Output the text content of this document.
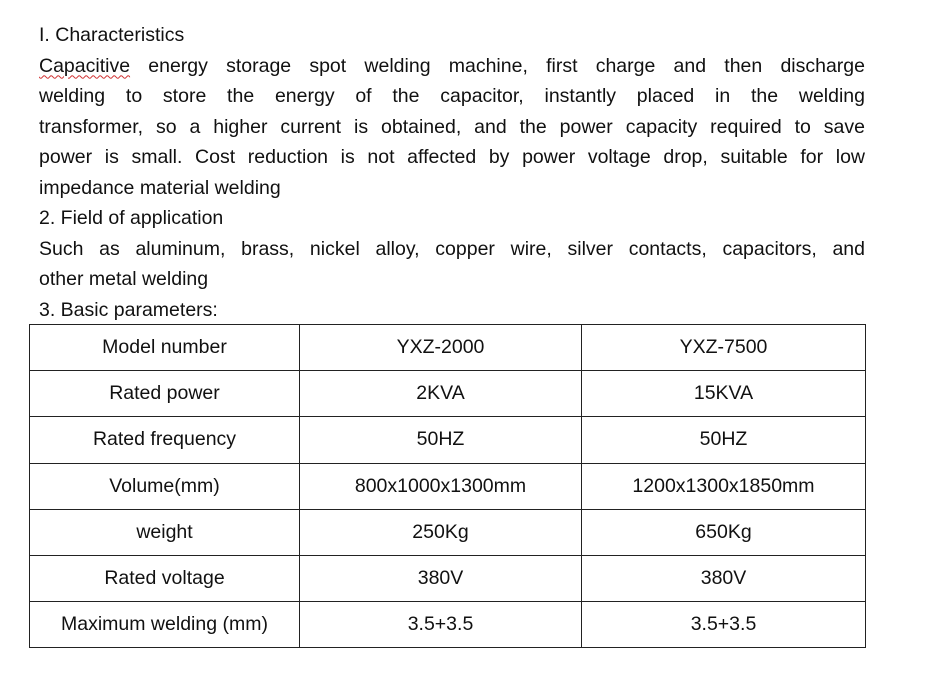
I. Characteristics

Capacitive energy storage spot welding machine, first charge and then discharge

welding to store the energy of the capacitor, instantly placed in the welding

transformer, so a higher current is obtained, and the power capacity required to save

power is small. Cost reduction is not affected by power voltage drop, suitable for low

impedance material welding

2. Field of application

Such as aluminum, brass, nickel alloy, copper wire, silver contacts, capacitors, and

other metal welding

3. Basic parameters:

Model number	YXZ-2000	YXZ-7500
Rated power	2KVA	15KVA
Rated frequency	50HZ	50HZ
Volume(mm)	800x1000x1300mm	1200x1300x1850mm
weight	250Kg	650Kg
Rated voltage	380V	380V
Maximum welding (mm)	3.5+3.5	3.5+3.5
